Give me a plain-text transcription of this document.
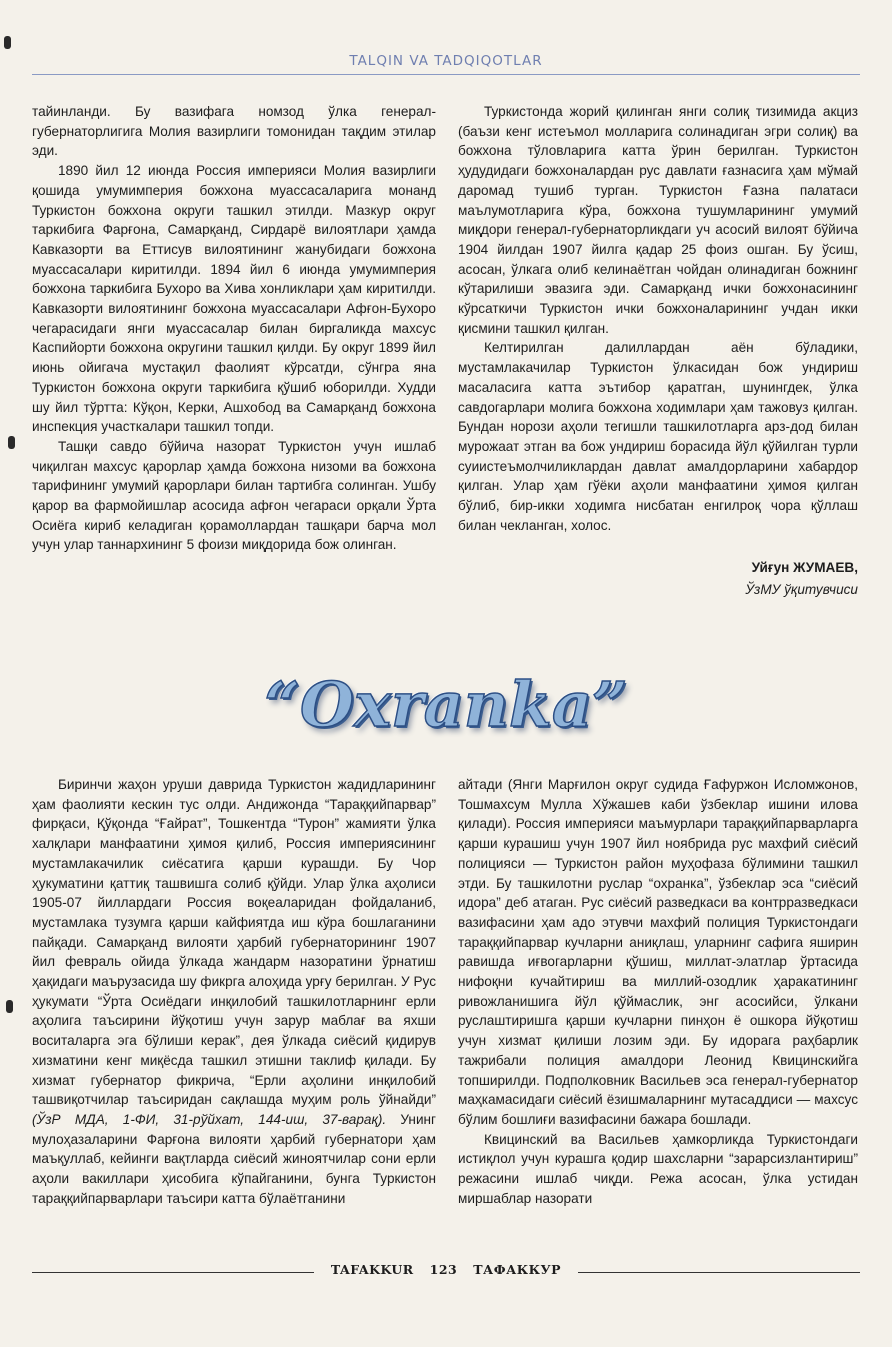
TALQIN VA TADQIQOTLAR

тайинланди. Бу вазифага номзод ўлка генерал-губернаторлигига Молия вазирлиги томонидан тақдим этилар эди.

1890 йил 12 июнда Россия империяси Молия вазирлиги қошида умумимперия божхона муассасаларига монанд Туркистон божхона округи ташкил этилди. Мазкур округ таркибига Фарғона, Самарқанд, Сирдарё вилоятлари ҳамда Кавказорти ва Еттисув вилоятининг жанубидаги божхона муассасалари киритилди. 1894 йил 6 июнда умумимперия божхона таркибига Бухоро ва Хива хонликлари ҳам киритилди. Кавказорти вилоятининг божхона муассасалари Афғон-Бухоро чегарасидаги янги муассасалар билан биргаликда махсус Каспийорти божхона округини ташкил қилди. Бу округ 1899 йил июнь ойигача мустақил фаолият кўрсатди, сўнгра яна Туркистон божхона округи таркибига қўшиб юборилди. Худди шу йил тўртта: Кўқон, Керки, Ашхобод ва Самарқанд божхона инспекция участкалари ташкил топди.

Ташқи савдо бўйича назорат Туркистон учун ишлаб чиқилган махсус қарорлар ҳамда божхона низоми ва божхона тарифининг умумий қарорлари билан тартибга солинган. Ушбу қарор ва фармойишлар асосида афғон чегараси орқали Ўрта Осиёга кириб келадиган қорамоллардан ташқари барча мол учун улар таннархининг 5 фоизи миқдорида бож олинган.

Туркистонда жорий қилинган янги солиқ тизимида акциз (баъзи кенг истеъмол молларига солинадиган эгри солиқ) ва божхона тўловларига катта ўрин берилган. Туркистон ҳудудидаги божхоналардан рус давлати ғазнасига ҳам мўмай даромад тушиб турган. Туркистон Ғазна палатаси маълумотларига кўра, божхона тушумларининг умумий миқдори генерал-губернаторликдаги уч асосий вилоят бўйича 1904 йилдан 1907 йилга қадар 25 фоиз ошган. Бу ўсиш, асосан, ўлкага олиб келинаётган чойдан олинадиган божнинг кўтарилиши эвазига эди. Самарқанд ички божхонасининг кўрсаткичи Туркистон ички божхоналарининг учдан икки қисмини ташкил қилган.

Келтирилган далиллардан аён бўладики, мустамлакачилар Туркистон ўлкасидан бож ундириш масаласига катта эътибор қаратган, шунингдек, ўлка савдогарлари молига божхона ходимлари ҳам тажовуз қилган. Бундан норози аҳоли тегишли ташкилотларга арз-дод билан мурожаат этган ва бож ундириш борасида йўл қўйилган турли суиистеъмолчиликлардан давлат амалдорларини хабардор қилган. Улар ҳам гўёки аҳоли манфаатини ҳимоя қилган бўлиб, бир-икки ходимга нисбатан енгилроқ чора қўллаш билан чекланган, холос.

Уйғун ЖУМАЕВ,
ЎзМУ ўқитувчиси
“Oxranka”

Биринчи жаҳон уруши даврида Туркистон жадидларининг ҳам фаолияти кескин тус олди. Андижонда “Тараққийпарвар” фирқаси, Қўқонда “Ғайрат”, Тошкентда “Турон” жамияти ўлка халқлари манфаатини ҳимоя қилиб, Россия империясининг мустамлакачилик сиёсатига қарши курашди. Бу Чор ҳукуматини қаттиқ ташвишга солиб қўйди. Улар ўлка аҳолиси 1905-07 йиллардаги Россия воқеаларидан фойдаланиб, мустамлака тузумга қарши кайфиятда иш кўра бошлаганини пайқади. Самарқанд вилояти ҳарбий губернаторининг 1907 йил февраль ойида ўлкада жандарм назоратини ўрнатиш ҳақидаги маърузасида шу фикрга алоҳида урғу берилган. У Рус ҳукумати “Ўрта Осиёдаги инқилобий ташкилотларнинг ерли аҳолига таъсирини йўқотиш учун зарур маблағ ва яхши воситаларга эга бўлиши керак”, дея ўлкада сиёсий қидирув хизматини кенг миқёсда ташкил этишни таклиф қилади. Бу хизмат губернатор фикрича, “Ерли аҳолини инқилобий ташвиқотчилар таъсиридан сақлашда муҳим роль ўйнайди” (ЎзР МДА, 1-ФИ, 31-рўйхат, 144-иш, 37-варақ). Унинг мулоҳазаларини Фарғона вилояти ҳарбий губернатори ҳам маъқуллаб, кейинги вақтларда сиёсий жиноятчилар сони ерли аҳоли вакиллари ҳисобига кўпайганини, бунга Туркистон тараққийпарварлари таъсири катта бўлаётганини

айтади (Янги Марғилон округ судида Ғафуржон Исломжонов, Тошмахсум Мулла Хўжашев каби ўзбеклар ишини илова қилади). Россия империяси маъмурлари тараққийпарварларга қарши курашиш учун 1907 йил ноябрида рус махфий сиёсий полицияси — Туркистон район муҳофаза бўлимини ташкил этди. Бу ташкилотни руслар “охранка”, ўзбеклар эса “сиёсий идора” деб атаган. Рус сиёсий разведкаси ва контрразведкаси вазифасини ҳам адо этувчи махфий полиция Туркистондаги тараққийпарвар кучларни аниқлаш, уларнинг сафига яширин равишда иғвогарларни қўшиш, миллат-элатлар ўртасида нифоқни кучайтириш ва миллий-озодлик ҳаракатининг ривожланишига йўл қўймаслик, энг асосийси, ўлкани руслаштиришга қарши кучларни пинҳон ё ошкора йўқотиш учун хизмат қилиши лозим эди. Бу идорага раҳбарлик тажрибали полиция амалдори Леонид Квицинскийга топширилди. Подполковник Васильев эса генерал-губернатор маҳкамасидаги сиёсий ёзишмаларнинг мутасаддиси — махсус бўлим бошлиғи вазифасини бажара бошлади.

Квицинский ва Васильев ҳамкорликда Туркистондаги истиқлол учун курашга қодир шахсларни “зарарсизлантириш” режасини ишлаб чиқди. Режа асосан, ўлка устидан миршаблар назорати

TAFAKKUR 123 ТАФАККУР
